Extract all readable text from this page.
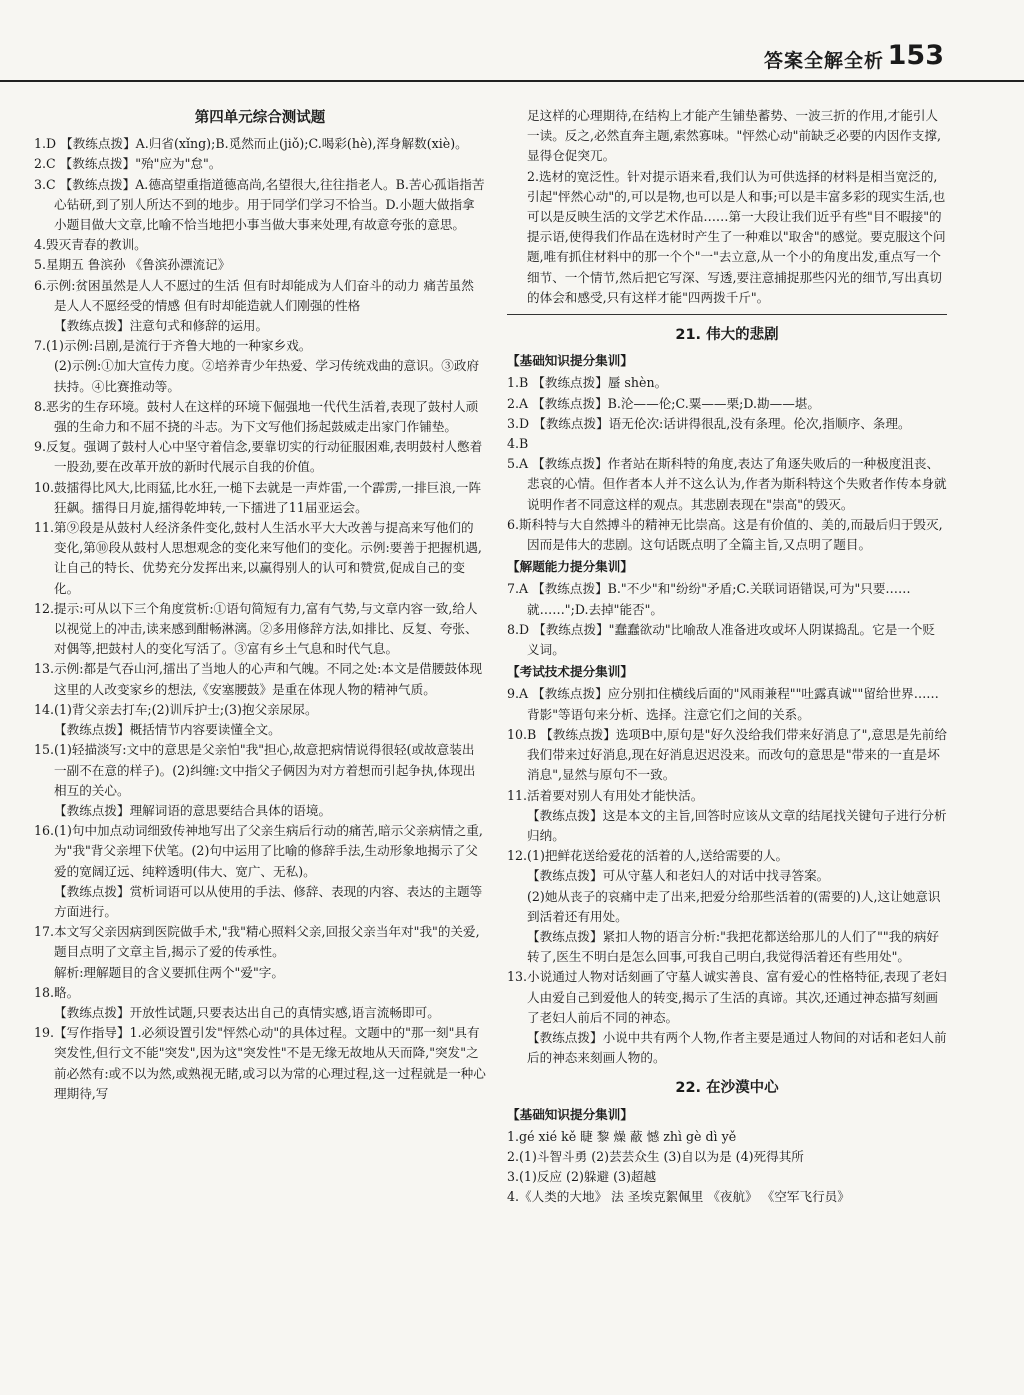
答案全解全析 153
第四单元综合测试题

1.D 【教练点拨】A.归省(xǐng);B.觅然而止(jiǒ);C.喝彩(hè),浑身解数(xiè)。

2.C 【教练点拨】"殆"应为"怠"。

3.C 【教练点拨】A.德高望重指道德高尚,名望很大,往往指老人。B.苦心孤诣指苦心钻研,到了别人所达不到的地步。用于同学们学习不恰当。D.小题大做指拿小题目做大文章,比喻不恰当地把小事当做大事来处理,有故意夸张的意思。

4.毁灭青春的教训。

5.星期五 鲁滨孙 《鲁滨孙漂流记》

6.示例:贫困虽然是人人不愿过的生活 但有时却能成为人们奋斗的动力 痛苦虽然是人人不愿经受的情感 但有时却能造就人们刚强的性格

【教练点拨】注意句式和修辞的运用。

7.(1)示例:吕剧,是流行于齐鲁大地的一种家乡戏。

(2)示例:①加大宣传力度。②培养青少年热爱、学习传统戏曲的意识。③政府扶持。④比赛推动等。

8.恶劣的生存环境。鼓村人在这样的环境下倔强地一代代生活着,表现了鼓村人顽强的生命力和不屈不挠的斗志。为下文写他们扬起鼓威走出家门作铺垫。

9.反复。强调了鼓村人心中坚守着信念,要靠切实的行动征服困难,表明鼓村人憋着一股劲,要在改革开放的新时代展示自我的价值。

10.鼓擂得比风大,比雨猛,比水狂,一槌下去就是一声炸雷,一个霹雳,一排巨浪,一阵狂飙。擂得日月旋,擂得乾坤转,一下擂进了11届亚运会。

11.第⑨段是从鼓村人经济条件变化,鼓村人生活水平大大改善与提高来写他们的变化,第⑩段从鼓村人思想观念的变化来写他们的变化。示例:要善于把握机遇,让自己的特长、优势充分发挥出来,以赢得别人的认可和赞赏,促成自己的变化。

12.提示:可从以下三个角度赏析:①语句简短有力,富有气势,与文章内容一致,给人以视觉上的冲击,读来感到酣畅淋漓。②多用修辞方法,如排比、反复、夸张、对偶等,把鼓村人的变化写活了。③富有乡土气息和时代气息。

13.示例:都是气吞山河,擂出了当地人的心声和气魄。不同之处:本文是借腰鼓体现这里的人改变家乡的想法,《安塞腰鼓》是重在体现人物的精神气质。

14.(1)背父亲去打车;(2)训斥护士;(3)抱父亲尿尿。

【教练点拨】概括情节内容要读懂全文。

15.(1)轻描淡写:文中的意思是父亲怕"我"担心,故意把病情说得很轻(或故意装出一副不在意的样子)。(2)纠缠:文中指父子俩因为对方着想而引起争执,体现出相互的关心。

【教练点拨】理解词语的意思要结合具体的语境。

16.(1)句中加点动词细致传神地写出了父亲生病后行动的痛苦,暗示父亲病情之重,为"我"背父亲埋下伏笔。(2)句中运用了比喻的修辞手法,生动形象地揭示了父爱的宽阔辽远、纯粹透明(伟大、宽广、无私)。

【教练点拨】赏析词语可以从使用的手法、修辞、表现的内容、表达的主题等方面进行。

17.本文写父亲因病到医院做手术,"我"精心照料父亲,回报父亲当年对"我"的关爱,题目点明了文章主旨,揭示了爱的传承性。

解析:理解题目的含义要抓住两个"爱"字。

18.略。

【教练点拨】开放性试题,只要表达出自己的真情实感,语言流畅即可。

19.【写作指导】1.必须设置引发"怦然心动"的具体过程。文题中的"那一刻"具有突发性,但行文不能"突发",因为这"突发性"不是无缘无故地从天而降,"突发"之前必然有:或不以为然,或熟视无睹,或习以为常的心理过程,这一过程就是一种心理期待,写

足这样的心理期待,在结构上才能产生铺垫蓄势、一波三折的作用,才能引人一读。反之,必然直奔主题,索然寡味。"怦然心动"前缺乏必要的内因作支撑,显得仓促突兀。

2.选材的宽泛性。针对提示语来看,我们认为可供选择的材料是相当宽泛的,引起"怦然心动"的,可以是物,也可以是人和事;可以是丰富多彩的现实生活,也可以是反映生活的文学艺术作品……第一大段让我们近乎有些"目不暇接"的提示语,使得我们作品在选材时产生了一种难以"取舍"的感觉。要克服这个问题,唯有抓住材料中的那一个个"一"去立意,从一个小的角度出发,重点写一个细节、一个情节,然后把它写深、写透,要注意捕捉那些闪光的细节,写出真切的体会和感受,只有这样才能"四两拨千斤"。

21. 伟大的悲剧
【基础知识提分集训】

1.B 【教练点拨】蜃 shèn。

2.A 【教练点拨】B.沦——伦;C.粟——栗;D.勘——堪。

3.D 【教练点拨】语无伦次:话讲得很乱,没有条理。伦次,指顺序、条理。

4.B

5.A 【教练点拨】作者站在斯科特的角度,表达了角逐失败后的一种极度沮丧、悲哀的心情。但作者本人并不这么认为,作者为斯科特这个失败者作传本身就说明作者不同意这样的观点。其悲剧表现在"崇高"的毁灭。

6.斯科特与大自然搏斗的精神无比崇高。这是有价值的、美的,而最后归于毁灭,因而是伟大的悲剧。这句话既点明了全篇主旨,又点明了题目。

【解题能力提分集训】

7.A 【教练点拨】B."不少"和"纷纷"矛盾;C.关联词语错误,可为"只要……就……";D.去掉"能否"。

8.D 【教练点拨】"蠢蠢欲动"比喻敌人准备进攻或坏人阴谋捣乱。它是一个贬义词。

【考试技术提分集训】

9.A 【教练点拨】应分别扣住横线后面的"风雨兼程""吐露真诚""留给世界……背影"等语句来分析、选择。注意它们之间的关系。

10.B 【教练点拨】选项B中,原句是"好久没给我们带来好消息了",意思是先前给我们带来过好消息,现在好消息迟迟没来。而改句的意思是"带来的一直是坏消息",显然与原句不一致。

11.活着要对别人有用处才能快活。

【教练点拨】这是本文的主旨,回答时应该从文章的结尾找关键句子进行分析归纳。

12.(1)把鲜花送给爱花的活着的人,送给需要的人。

【教练点拨】可从守墓人和老妇人的对话中找寻答案。

(2)她从丧子的哀痛中走了出来,把爱分给那些活着的(需要的)人,这让她意识到活着还有用处。

【教练点拨】紧扣人物的语言分析:"我把花都送给那儿的人们了""我的病好转了,医生不明白是怎么回事,可我自己明白,我觉得活着还有些用处"。

13.小说通过人物对话刻画了守墓人诚实善良、富有爱心的性格特征,表现了老妇人由爱自己到爱他人的转变,揭示了生活的真谛。其次,还通过神态描写刻画了老妇人前后不同的神态。

【教练点拨】小说中共有两个人物,作者主要是通过人物间的对话和老妇人前后的神态来刻画人物的。

22. 在沙漠中心
【基础知识提分集训】

1.gé xié kě 睫 黎 燥 蔽 憾 zhì gè dì yě

2.(1)斗智斗勇 (2)芸芸众生 (3)自以为是 (4)死得其所

3.(1)反应 (2)躲避 (3)超越

4.《人类的大地》 法 圣埃克絮佩里 《夜航》 《空军飞行员》
